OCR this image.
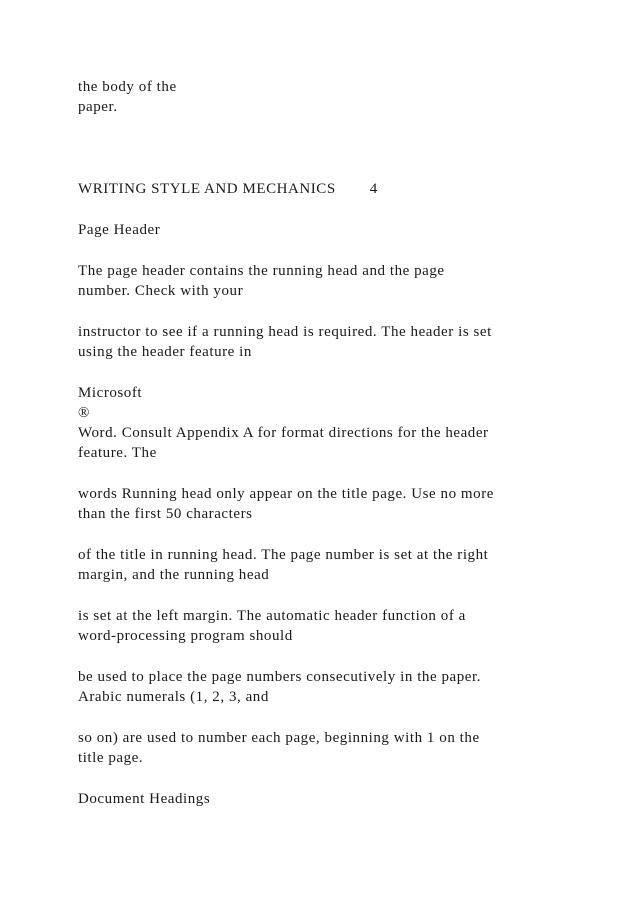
the body of the
paper.
WRITING STYLE AND MECHANICS 4
Page Header
The page header contains the running head and the page
number. Check with your
instructor to see if a running head is required. The header is set
using the header feature in
Microsoft
®
Word. Consult Appendix A for format directions for the header
feature. The
words Running head only appear on the title page. Use no more
than the first 50 characters
of the title in running head. The page number is set at the right
margin, and the running head
is set at the left margin. The automatic header function of a
word-processing program should
be used to place the page numbers consecutively in the paper.
Arabic numerals (1, 2, 3, and
so on) are used to number each page, beginning with 1 on the
title page.
Document Headings
